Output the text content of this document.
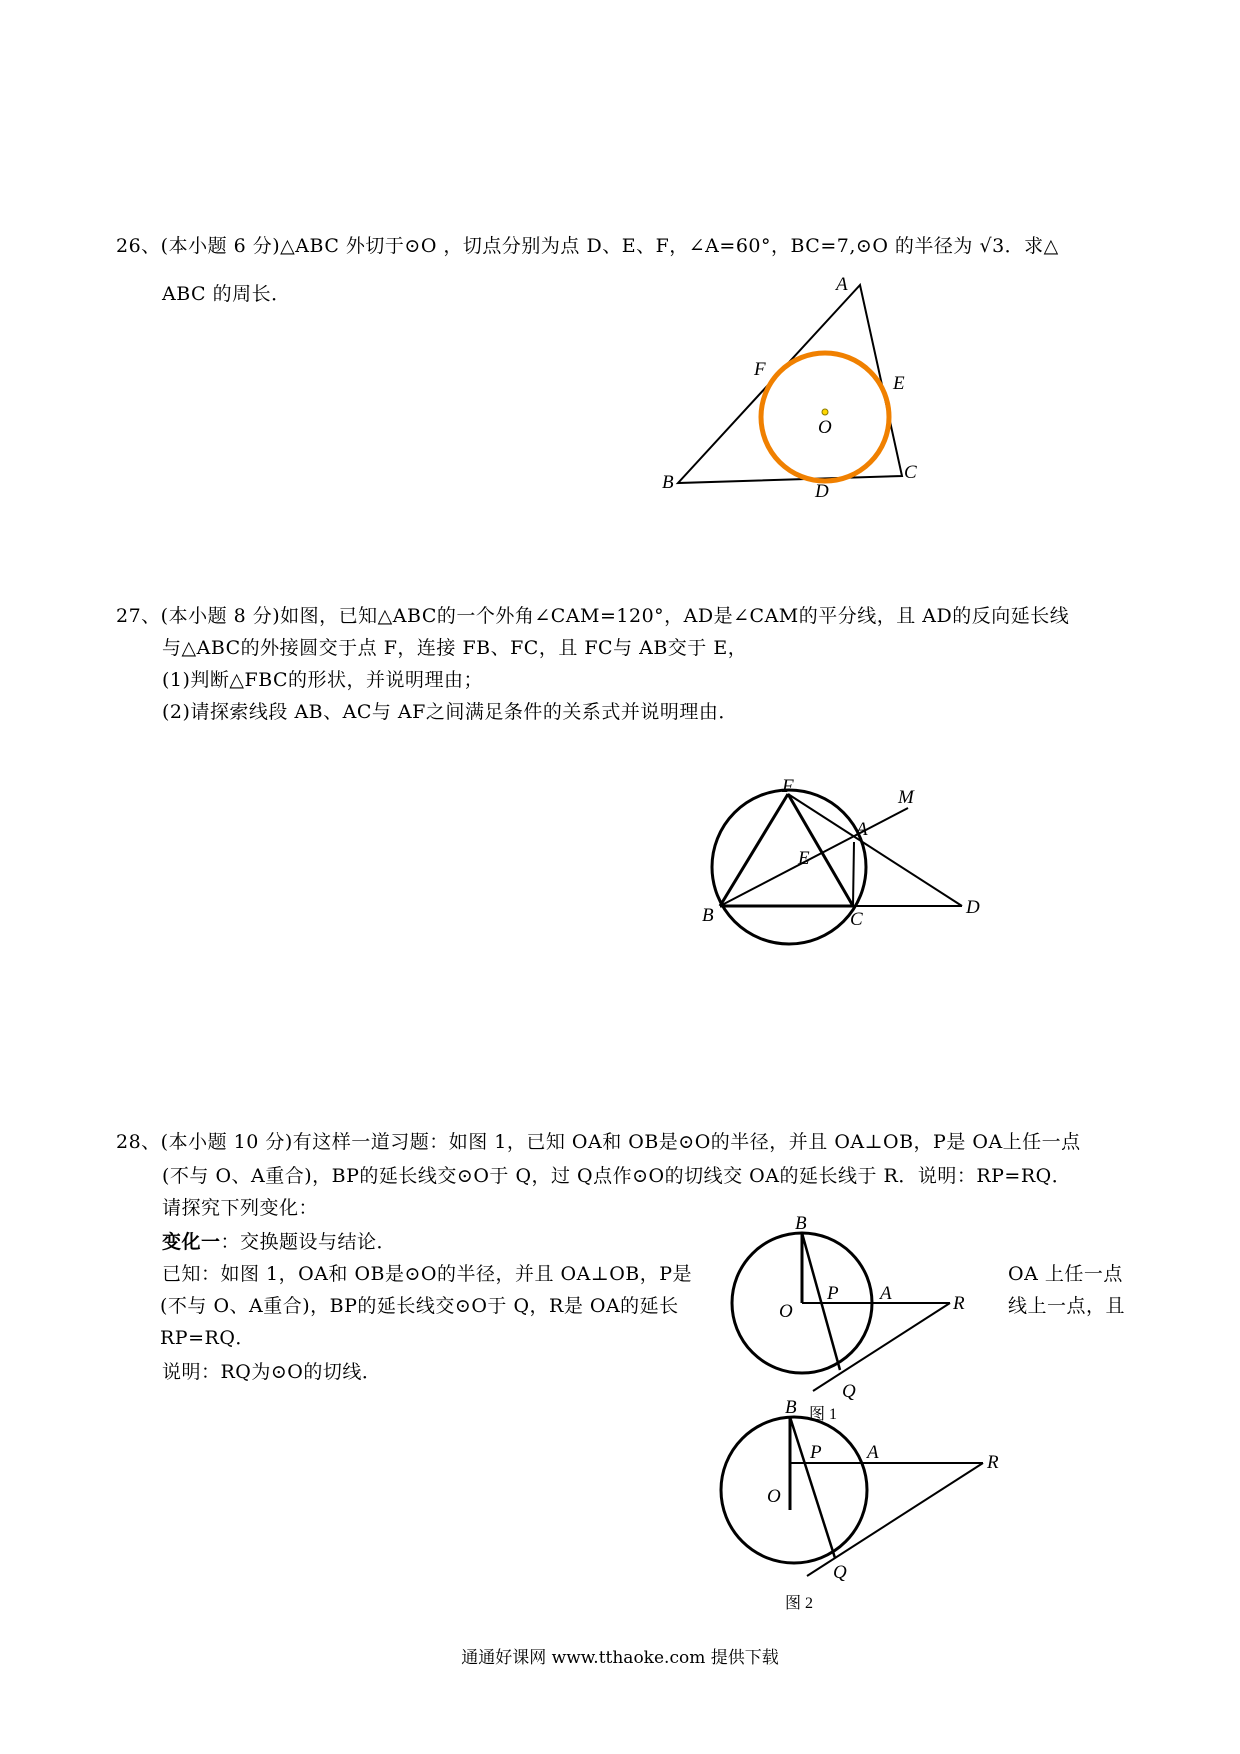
26、(本小题 6 分)△ABC 外切于⊙O ，切点分别为点 D、E、F，∠A=60°，BC=7,⊙O 的半径为 √3．求△
ABC 的周长．	A
F
E
O
B	C
D
27、(本小题 8 分)如图，已知△ABC的一个外角∠CAM=120°，AD是∠CAM的平分线，且 AD的反向延长线
与△ABC的外接圆交于点 F，连接 FB、FC，且 FC与 AB交于 E，
(1)判断△FBC的形状，并说明理由；
(2)请探索线段 AB、AC与 AF之间满足条件的关系式并说明理由．
F
M
A
E
B	C
D
28、(本小题 10 分)有这样一道习题：如图 1，已知 OA和 OB是⊙O的半径，并且 OA⊥OB，P是 OA上任一点
(不与 O、A重合)，BP的延长线交⊙O于 Q，过 Q点作⊙O的切线交 OA的延长线于 R．说明：RP=RQ．
请探究下列变化：
变化一：交换题设与结论．
已知：如图 1，OA和 OB是⊙O的半径，并且 OA⊥OB，P是	OA 上任一点
(不与 O、A重合)，BP的延长线交⊙O于 Q，R是 OA的延长	线上一点，且
RP=RQ．
说明：RQ为⊙O的切线．
B
O
P A	R
Q
图 1
B
O
P A	R
Q
图 2
通通好课网 www.tthaoke.com 提供下载
